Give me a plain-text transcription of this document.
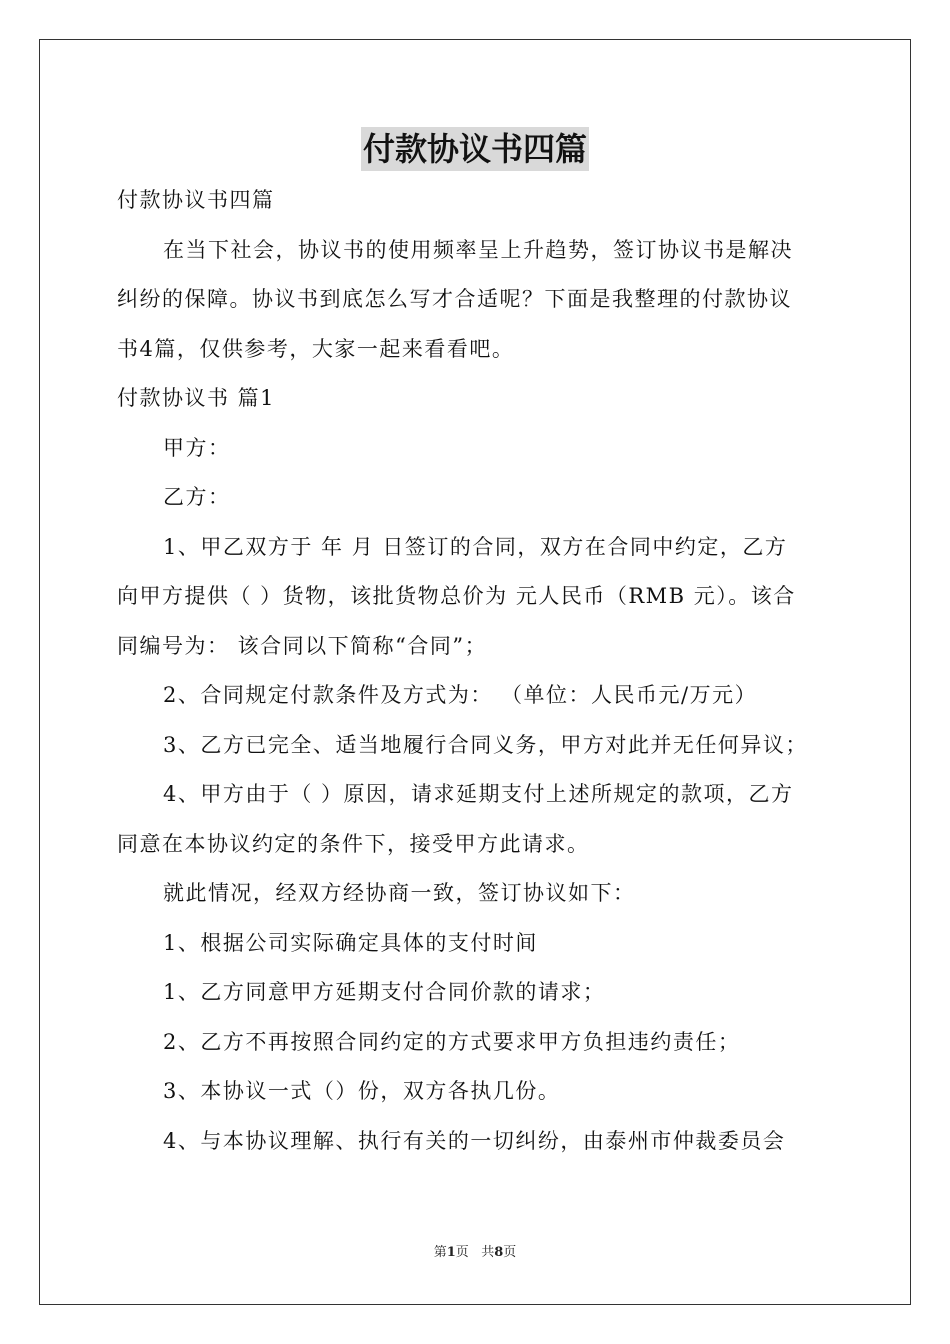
付款协议书四篇
付款协议书四篇
在当下社会，协议书的使用频率呈上升趋势，签订协议书是解决
纠纷的保障。协议书到底怎么写才合适呢？下面是我整理的付款协议
书4篇，仅供参考，大家一起来看看吧。
付款协议书 篇1
甲方：
乙方：
1、甲乙双方于 年 月 日签订的合同，双方在合同中约定，乙方
向甲方提供（ ）货物，该批货物总价为 元人民币（RMB 元）。该合
同编号为： 该合同以下简称“合同”；
2、合同规定付款条件及方式为： （单位：人民币元/万元）
3、乙方已完全、适当地履行合同义务，甲方对此并无任何异议；
4、甲方由于（ ）原因，请求延期支付上述所规定的款项，乙方
同意在本协议约定的条件下，接受甲方此请求。
就此情况，经双方经协商一致，签订协议如下：
1、根据公司实际确定具体的支付时间
1、乙方同意甲方延期支付合同价款的请求；
2、乙方不再按照合同约定的方式要求甲方负担违约责任；
3、本协议一式（）份，双方各执几份。
4、与本协议理解、执行有关的一切纠纷，由泰州市仲裁委员会
第1页   共8页
